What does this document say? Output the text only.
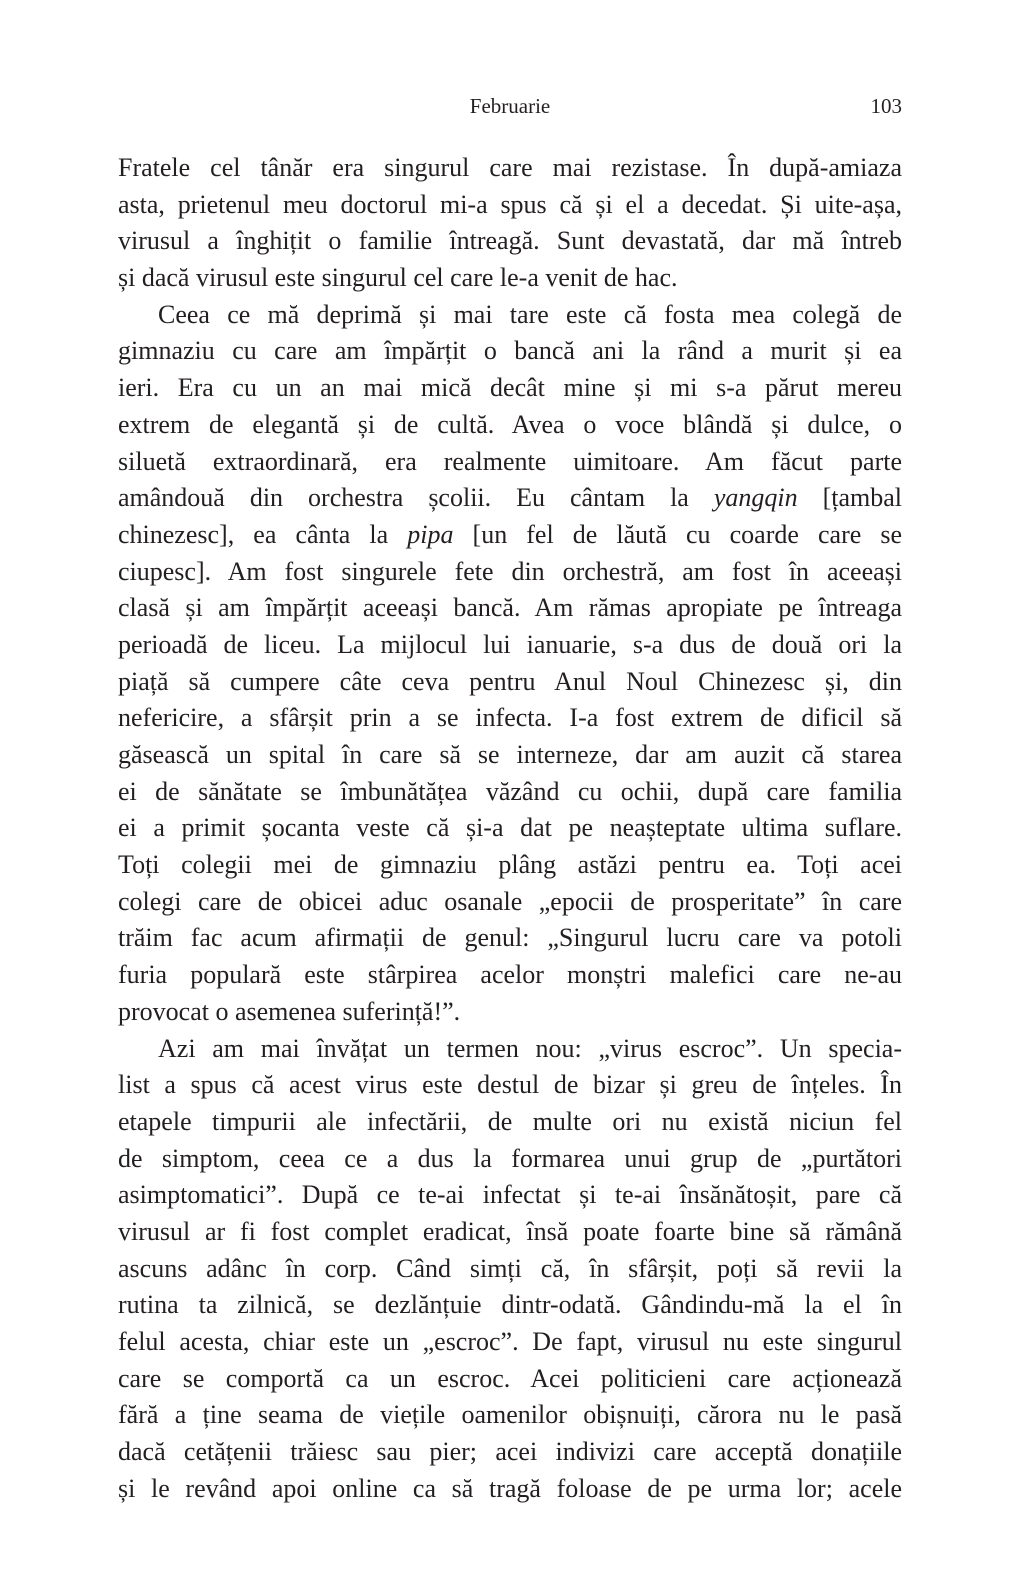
Februarie	103
Fratele cel tânăr era singurul care mai rezistase. În după-amiaza
asta, prietenul meu doctorul mi-a spus că și el a decedat. Și uite-așa,
virusul a înghițit o familie întreagă. Sunt devastată, dar mă întreb
și dacă virusul este singurul cel care le-a venit de hac.
Ceea ce mă deprimă și mai tare este că fosta mea colegă de
gimnaziu cu care am împărțit o bancă ani la rând a murit și ea
ieri. Era cu un an mai mică decât mine și mi s-a părut mereu
extrem de elegantă și de cultă. Avea o voce blândă și dulce, o
siluetă extraordinară, era realmente uimitoare. Am făcut parte
amândouă din orchestra școlii. Eu cântam la yangqin [țambal
chinezesc], ea cânta la pipa [un fel de lăută cu coarde care se
ciupesc]. Am fost singurele fete din orchestră, am fost în aceeași
clasă și am împărțit aceeași bancă. Am rămas apropiate pe întreaga
perioadă de liceu. La mijlocul lui ianuarie, s-a dus de două ori la
piață să cumpere câte ceva pentru Anul Noul Chinezesc și, din
nefericire, a sfârșit prin a se infecta. I-a fost extrem de dificil să
găsească un spital în care să se interneze, dar am auzit că starea
ei de sănătate se îmbunătățea văzând cu ochii, după care familia
ei a primit șocanta veste că și-a dat pe neașteptate ultima suflare.
Toți colegii mei de gimnaziu plâng astăzi pentru ea. Toți acei
colegi care de obicei aduc osanale „epocii de prosperitate” în care
trăim fac acum afirmații de genul: „Singurul lucru care va potoli
furia populară este stârpirea acelor monștri malefici care ne-au
provocat o asemenea suferință!”.
Azi am mai învățat un termen nou: „virus escroc”. Un specia-
list a spus că acest virus este destul de bizar și greu de înțeles. În
etapele timpurii ale infectării, de multe ori nu există niciun fel
de simptom, ceea ce a dus la formarea unui grup de „purtători
asimptomatici”. După ce te-ai infectat și te-ai însănătoșit, pare că
virusul ar fi fost complet eradicat, însă poate foarte bine să rămână
ascuns adânc în corp. Când simți că, în sfârșit, poți să revii la
rutina ta zilnică, se dezlănțuie dintr-odată. Gândindu-mă la el în
felul acesta, chiar este un „escroc”. De fapt, virusul nu este singurul
care se comportă ca un escroc. Acei politicieni care acționează
fără a ține seama de viețile oamenilor obișnuiți, cărora nu le pasă
dacă cetățenii trăiesc sau pier; acei indivizi care acceptă donațiile
și le revând apoi online ca să tragă foloase de pe urma lor; acele
